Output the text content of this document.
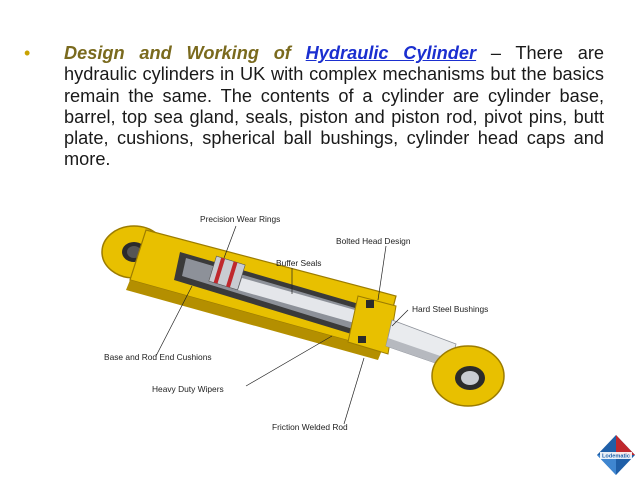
• Design and Working of Hydraulic Cylinder – There are hydraulic cylinders in UK with complex mechanisms but the basics remain the same. The contents of a cylinder are cylinder base, barrel, top sea gland, seals, piston and piston rod, pivot pins, butt plate, cushions, spherical ball bushings, cylinder head caps and more.
Precision Wear Rings
Bolted Head Design
Buffer Seals
Hard Steel Bushings
Base and Rod End Cushions
Heavy Duty Wipers
Friction Welded Rod
Lodematic
